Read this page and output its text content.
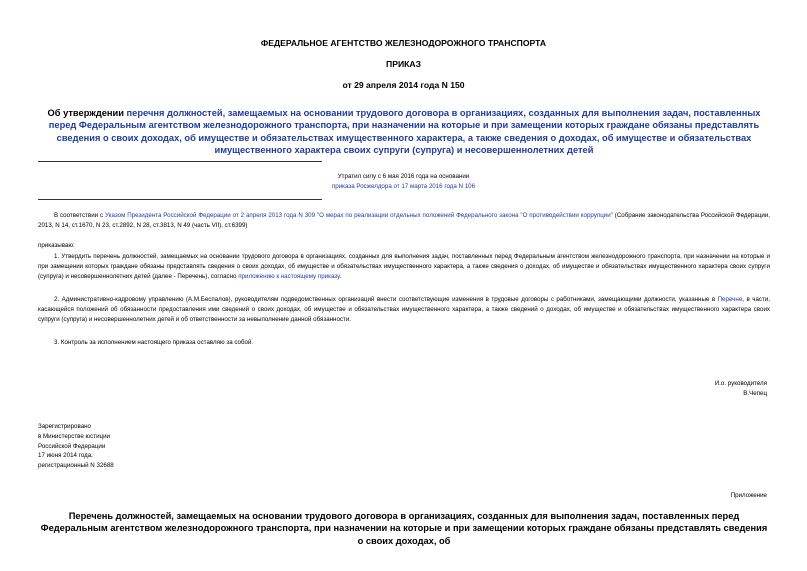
ФЕДЕРАЛЬНОЕ АГЕНТСТВО ЖЕЛЕЗНОДОРОЖНОГО ТРАНСПОРТА
ПРИКАЗ
от 29 апреля 2014 года N 150
Об утверждении перечня должностей, замещаемых на основании трудового договора в организациях, созданных для выполнения задач, поставленных перед Федеральным агентством железнодорожного транспорта, при назначении на которые и при замещении которых граждане обязаны представлять сведения о своих доходах, об имуществе и обязательствах имущественного характера, а также сведения о доходах, об имуществе и обязательствах имущественного характера своих супруги (супруга) и несовершеннолетних детей
Утратил силу с 6 мая 2016 года на основании
приказа Росжелдора от 17 марта 2016 года N 106
В соответствии с Указом Президента Российской Федерации от 2 апреля 2013 года N 309 "О мерах по реализации отдельных положений Федерального закона "О противодействии коррупции" (Собрание законодательства Российской Федерации, 2013, N 14, ст.1670, N 23, ст.2892, N 28, ст.3813, N 49 (часть VII), ст.6399)
приказываю:
1. Утвердить перечень должностей, замещаемых на основании трудового договора в организациях, созданных для выполнения задач, поставленных перед Федеральным агентством железнодорожного транспорта, при назначении на которые и при замещении которых граждане обязаны представлять сведения о своих доходах, об имуществе и обязательствах имущественного характера, а также сведения о доходах, об имуществе и обязательствах имущественного характера своих супруги (супруга) и несовершеннолетних детей (далее - Перечень), согласно приложению к настоящему приказу.
2. Административно-кадровому управлению (А.М.Беспалов), руководителям подведомственных организаций внести соответствующие изменения в трудовые договоры с работниками, замещающими должности, указанные в Перечне, в части, касающейся положений об обязанности предоставления ими сведений о своих доходах, об имуществе и обязательствах имущественного характера, а также сведений о доходах, об имуществе и обязательствах имущественного характера своих супруги (супруга) и несовершеннолетних детей и об ответственности за невыполнение данной обязанности.
3. Контроль за исполнением настоящего приказа оставляю за собой.
И.о. руководителя
В.Чепец
Зарегистрировано
в Министерстве юстиции
Российской Федерации
17 июня 2014 года,
регистрационный N 32688
Приложение
Перечень должностей, замещаемых на основании трудового договора в организациях, созданных для выполнения задач, поставленных перед Федеральным агентством железнодорожного транспорта, при назначении на которые и при замещении которых граждане обязаны представлять сведения о своих доходах, об
